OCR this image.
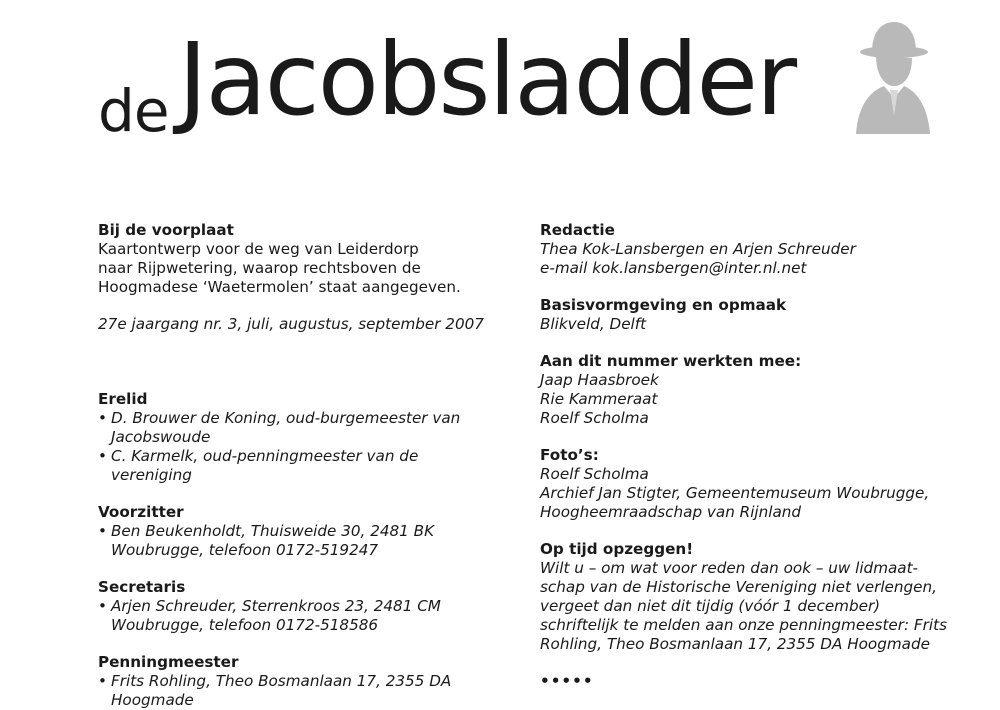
de Jacobsladder
Bij de voorplaat
Kaartontwerp voor de weg van Leiderdorp
naar Rijpwetering, waarop rechtsboven de
Hoogmadese ‘Waetermolen’ staat aangegeven.
27e jaargang nr. 3, juli, augustus, september 2007
Erelid
• D. Brouwer de Koning, oud-burgemeester van
Jacobswoude
• C. Karmelk, oud-penningmeester van de
vereniging
Voorzitter
• Ben Beukenholdt, Thuisweide 30, 2481 BK
Woubrugge, telefoon 0172-519247
Secretaris
• Arjen Schreuder, Sterrenkroos 23, 2481 CM
Woubrugge, telefoon 0172-518586
Penningmeester
• Frits Rohling, Theo Bosmanlaan 17, 2355 DA
Hoogmade
Redactie
Thea Kok-Lansbergen en Arjen Schreuder
e-mail kok.lansbergen@inter.nl.net
Basisvormgeving en opmaak
Blikveld, Delft
Aan dit nummer werkten mee:
Jaap Haasbroek
Rie Kammeraat
Roelf Scholma
Foto’s:
Roelf Scholma
Archief Jan Stigter, Gemeentemuseum Woubrugge,
Hoogheemraadschap van Rijnland
Op tijd opzeggen!
Wilt u – om wat voor reden dan ook – uw lidmaat-
schap van de Historische Vereniging niet verlengen,
vergeet dan niet dit tijdig (vóór 1 december)
schriftelijk te melden aan onze penningmeester: Frits
Rohling, Theo Bosmanlaan 17, 2355 DA Hoogmade
•••••
